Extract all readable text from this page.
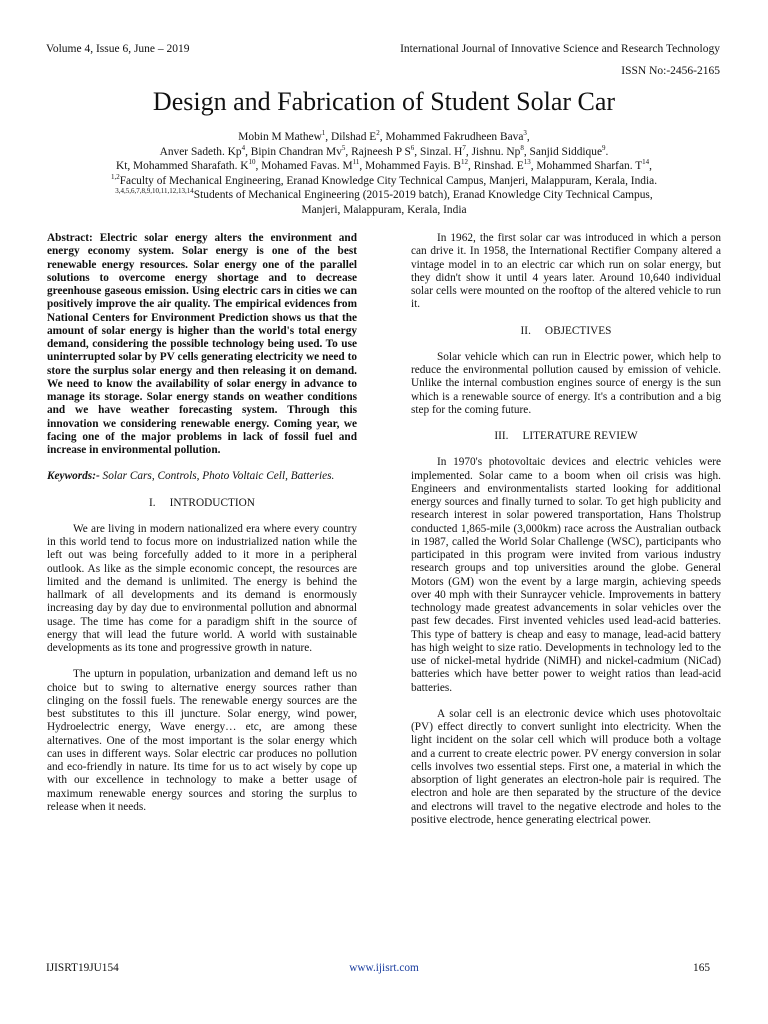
Volume 4, Issue 6, June – 2019	International Journal of Innovative Science and Research Technology
ISSN No:-2456-2165
Design and Fabrication of Student Solar Car
Mobin M Mathew$^1$, Dilshad $E^2$, Mohammed Fakrudheen Bava$^3$,
Anver Sadeth. Kp$^4$, Bipin Chandran Mv$^5$, Rajneesh P $S^6$, Sinzal. $H^7$, Jishnu. Np$^8$, Sanjid Siddique$^9$.
Kt, Mohammed Sharafath. $K^{10}$, Mohamed Favas. $M^{11}$, Mohammed Fayis. $B^{12}$, Rinshad. $E^{13}$, Mohammed Sharfan. $T^{14}$,
$^{1,2}$Faculty of Mechanical Engineering, Eranad Knowledge City Technical Campus, Manjeri, Malappuram, Kerala, India.
$^{3,4,5,6,7,8,9,10,11,12,13,14}$Students of Mechanical Engineering (2015-2019 batch), Eranad Knowledge City Technical Campus,
Manjeri, Malappuram, Kerala, India

Abstract: Electric solar energy alters the environment and energy economy system. Solar energy is one of the best renewable energy resources. Solar energy one of the parallel solutions to overcome energy shortage and to decrease greenhouse gaseous emission. Using electric cars in cities we can positively improve the air quality. The empirical evidences from National Centers for Environment Prediction shows us that the amount of solar energy is higher than the world's total energy demand, considering the possible technology being used. To use uninterrupted solar by PV cells generating electricity we need to store the surplus solar energy and then releasing it on demand. We need to know the availability of solar energy in advance to manage its storage. Solar energy stands on weather conditions and we have weather forecasting system. Through this innovation we considering renewable energy. Coming year, we facing one of the major problems in lack of fossil fuel and increase in environmental pollution.

Keywords:- Solar Cars, Controls, Photo Voltaic Cell, Batteries.

I. INTRODUCTION

We are living in modern nationalized era where every country in this world tend to focus more on industrialized nation while the left out was being forcefully added to it more in a peripheral outlook. As like as the simple economic concept, the resources are limited and the demand is unlimited. The energy is behind the hallmark of all developments and its demand is enormously increasing day by day due to environmental pollution and abnormal usage. The time has come for a paradigm shift in the source of energy that will lead the future world. A world with sustainable developments as its tone and progressive growth in nature.

The upturn in population, urbanization and demand left us no choice but to swing to alternative energy sources rather than clinging on the fossil fuels. The renewable energy sources are the best substitutes to this ill juncture. Solar energy, wind power, Hydroelectric energy, Wave energy… etc, are among these alternatives. One of the most important is the solar energy which can uses in different ways. Solar electric car produces no pollution and eco-friendly in nature. Its time for us to act wisely by cope up with our excellence in technology to make a better usage of maximum renewable energy sources and storing the surplus to release when it needs.

In 1962, the first solar car was introduced in which a person can drive it. In 1958, the International Rectifier Company altered a vintage model in to an electric car which run on solar energy, but they didn't show it until 4 years later. Around 10,640 individual solar cells were mounted on the rooftop of the altered vehicle to run it.

II. OBJECTIVES

Solar vehicle which can run in Electric power, which help to reduce the environmental pollution caused by emission of vehicle. Unlike the internal combustion engines source of energy is the sun which is a renewable source of energy. It's a contribution and a big step for the coming future.

III. LITERATURE REVIEW

In 1970's photovoltaic devices and electric vehicles were implemented. Solar came to a boom when oil crisis was high. Engineers and environmentalists started looking for additional energy sources and finally turned to solar. To get high publicity and research interest in solar powered transportation, Hans Tholstrup conducted 1,865-mile (3,000km) race across the Australian outback in 1987, called the World Solar Challenge (WSC), participants who participated in this program were invited from various industry research groups and top universities around the globe. General Motors (GM) won the event by a large margin, achieving speeds over 40 mph with their Sunraycer vehicle. Improvements in battery technology made greatest advancements in solar vehicles over the past few decades. First invented vehicles used lead-acid batteries. This type of battery is cheap and easy to manage, lead-acid battery has high weight to size ratio. Developments in technology led to the use of nickel-metal hydride (NiMH) and nickel-cadmium (NiCad) batteries which have better power to weight ratios than lead-acid batteries.

A solar cell is an electronic device which uses photovoltaic (PV) effect directly to convert sunlight into electricity. When the light incident on the solar cell which will produce both a voltage and a current to create electric power. PV energy conversion in solar cells involves two essential steps. First one, a material in which the absorption of light generates an electron-hole pair is required. The electron and hole are then separated by the structure of the device and electrons will travel to the negative electrode and holes to the positive electrode, hence generating electrical power.

IJISRT19JU154	www.ijisrt.com	165
